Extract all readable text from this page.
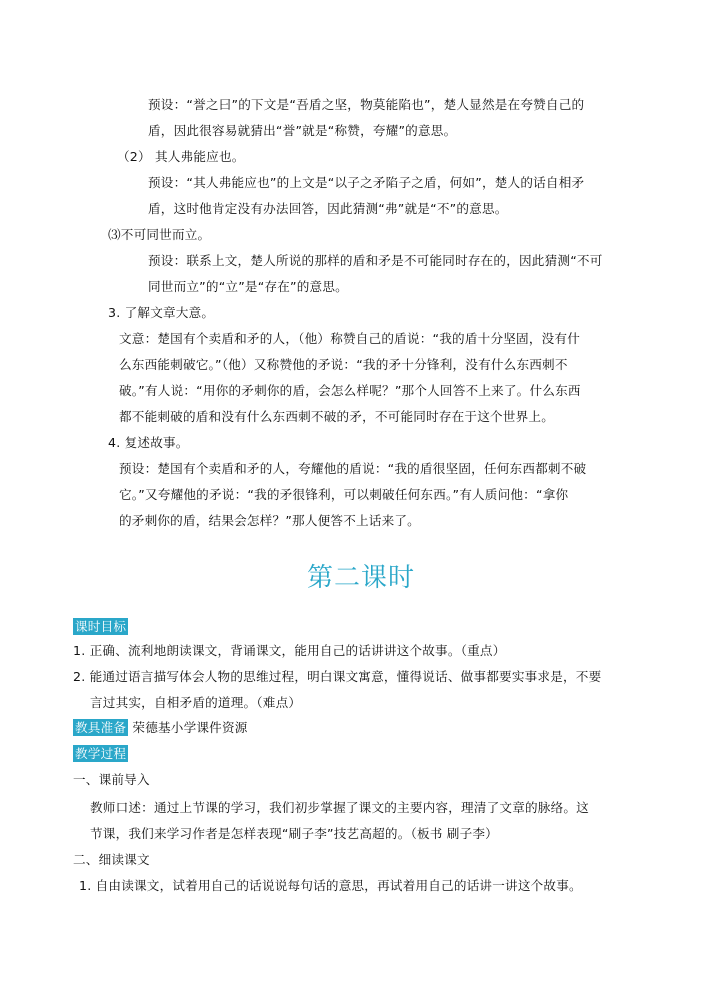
预设：“誉之曰”的下文是“吾盾之坚，物莫能陷也”，楚人显然是在夸赞自己的
盾，因此很容易就猜出“誉”就是“称赞，夸耀”的意思。
（2） 其人弗能应也。
预设：“其人弗能应也”的上文是“以子之矛陷子之盾，何如”，楚人的话自相矛
盾，这时他肯定没有办法回答，因此猜测“弗”就是“不”的意思。
⑶不可同世而立。
预设：联系上文，楚人所说的那样的盾和矛是不可能同时存在的，因此猜测“不可
同世而立”的“立”是“存在”的意思。
3. 了解文章大意。
文意：楚国有个卖盾和矛的人，（他）称赞自己的盾说：“我的盾十分坚固，没有什
么东西能刺破它。”（他）又称赞他的矛说：“我的矛十分锋利，没有什么东西刺不
破。”有人说：“用你的矛刺你的盾，会怎么样呢？”那个人回答不上来了。什么东西
都不能刺破的盾和没有什么东西刺不破的矛，不可能同时存在于这个世界上。
4. 复述故事。
预设：楚国有个卖盾和矛的人，夸耀他的盾说：“我的盾很坚固，任何东西都刺不破
它。”又夸耀他的矛说：“我的矛很锋利，可以刺破任何东西。”有人质问他：“拿你
的矛刺你的盾，结果会怎样？”那人便答不上话来了。
第二课时
课时目标
1. 正确、流利地朗读课文，背诵课文，能用自己的话讲讲这个故事。（重点）
2. 能通过语言描写体会人物的思维过程，明白课文寓意，懂得说话、做事都要实事求是，不要
言过其实，自相矛盾的道理。（难点）
教具准备 荣德基小学课件资源
教学过程
一、课前导入
教师口述：通过上节课的学习，我们初步掌握了课文的主要内容，理清了文章的脉络。这
节课，我们来学习作者是怎样表现“刷子李”技艺高超的。（板书 刷子李）
二、细读课文
1. 自由读课文，试着用自己的话说说每句话的意思，再试着用自己的话讲一讲这个故事。
